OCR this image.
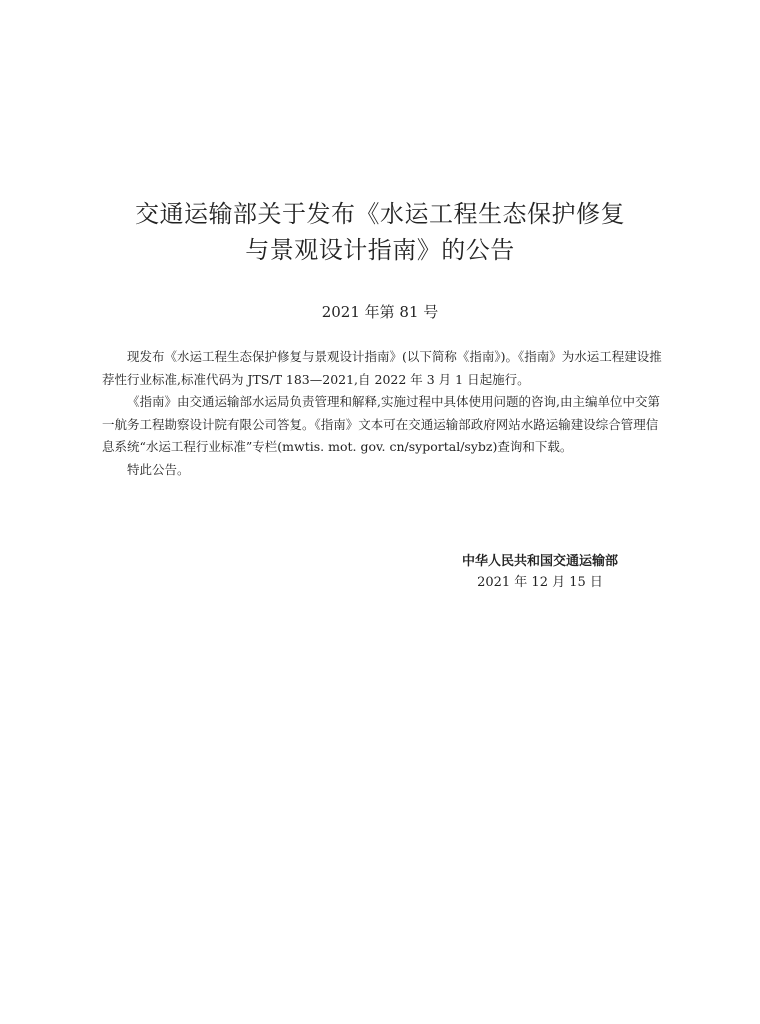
交通运输部关于发布《水运工程生态保护修复
与景观设计指南》的公告
2021 年第 81 号

现发布《水运工程生态保护修复与景观设计指南》(以下简称《指南》)。《指南》为水运工程建设推荐性行业标准,标准代码为 JTS/T 183—2021,自 2022 年 3 月 1 日起施行。

《指南》由交通运输部水运局负责管理和解释,实施过程中具体使用问题的咨询,由主编单位中交第一航务工程勘察设计院有限公司答复。《指南》文本可在交通运输部政府网站水路运输建设综合管理信息系统“水运工程行业标准”专栏(mwtis. mot. gov. cn/syportal/sybz)查询和下载。

特此公告。

中华人民共和国交通运输部
2021 年 12 月 15 日
